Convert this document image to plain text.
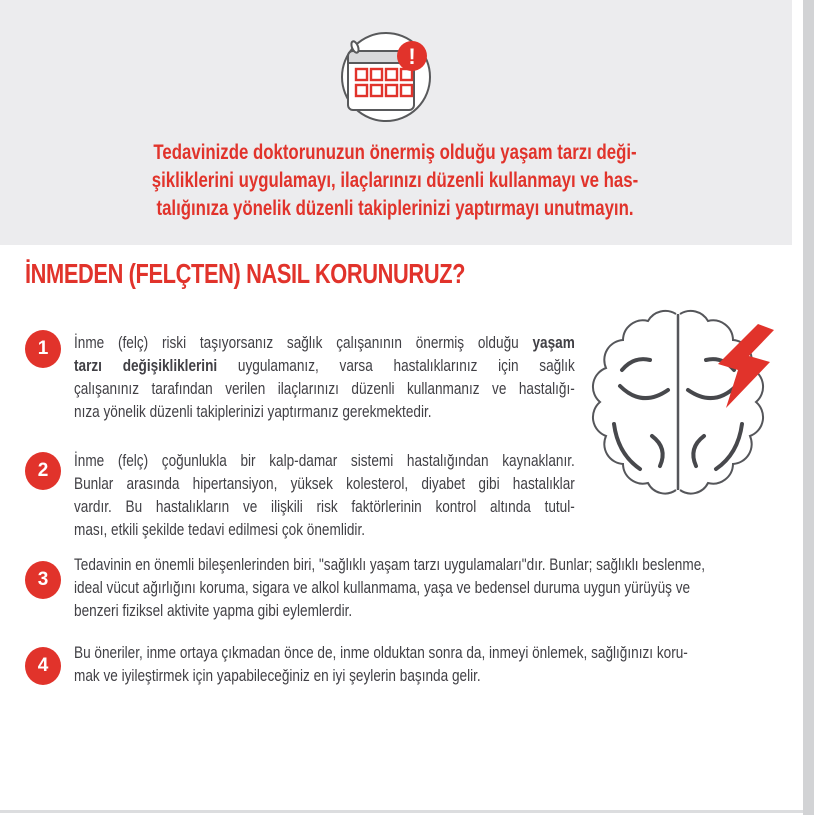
!
Tedavinizde doktorunuzun önermiş olduğu yaşam tarzı deği-
şikliklerini uygulamayı, ilaçlarınızı düzenli kullanmayı ve has-
talığınıza yönelik düzenli takiplerinizi yaptırmayı unutmayın.
İNMEDEN (FELÇTEN) NASIL KORUNURUZ?
1	İnme (felç) riski taşıyorsanız sağlık çalışanının önermiş olduğu yaşam
tarzı değişikliklerini uygulamanız, varsa hastalıklarınız için sağlık
çalışanınız tarafından verilen ilaçlarınızı düzenli kullanmanız ve hastalığı-
nıza yönelik düzenli takiplerinizi yaptırmanız gerekmektedir.
2	İnme (felç) çoğunlukla bir kalp-damar sistemi hastalığından kaynaklanır.
Bunlar arasında hipertansiyon, yüksek kolesterol, diyabet gibi hastalıklar
vardır. Bu hastalıkların ve ilişkili risk faktörlerinin kontrol altında tutul-
ması, etkili şekilde tedavi edilmesi çok önemlidir.
3
Tedavinin en önemli bileşenlerinden biri, "sağlıklı yaşam tarzı uygulamaları"dır. Bunlar; sağlıklı beslenme,
ideal vücut ağırlığını koruma, sigara ve alkol kullanmama, yaşa ve bedensel duruma uygun yürüyüş ve
benzeri fiziksel aktivite yapma gibi eylemlerdir.
4
Bu öneriler, inme ortaya çıkmadan önce de, inme olduktan sonra da, inmeyi önlemek, sağlığınızı koru-
mak ve iyileştirmek için yapabileceğiniz en iyi şeylerin başında gelir.
